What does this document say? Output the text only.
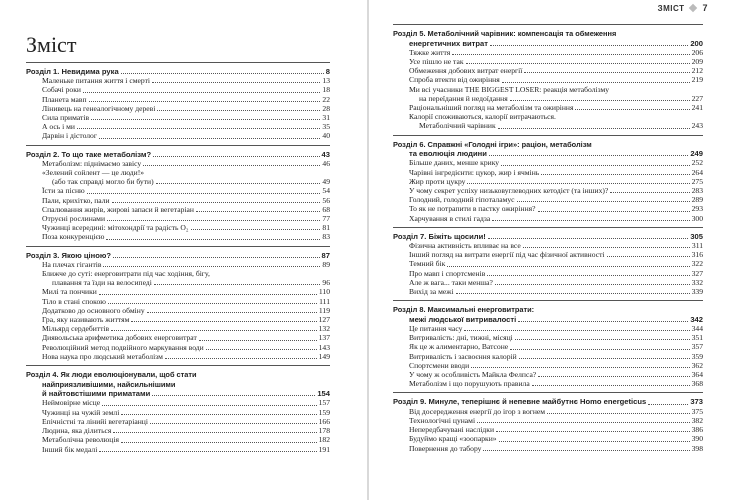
Зміст
Розділ 1. Невидима рука	8
Маленьке питання життя і смерті	13
Собачі роки	18
Планета мавп	22
Лінивець на генеалогічному дереві	28
Сила приматів	31
А ось і ми	35
Дарвін і дістолог	40
Розділ 2. То що таке метаболізм?	43
Метаболізм: піднімаємо завісу	46
«Зелений сойлент — це люди!»
(або так справді могло би бути)	49
Їсти за пісню	54
Пали, крихітко, пали	56
Спалювання жирів, жирові запаси й вегетаріан	68
Отруєні рослинами	77
Чужинці всередині: мітохондрії та радість O₂	81
Поза конкуренцією	83
Розділ 3. Якою ціною?	87
На плечах гігантів	89
Ближче до суті: енерговитрати під час ходіння, бігу,
плавання та їзди на велосипеді	96
Милі та пончики	110
Тіло в стані спокою	111
Додатково до основного обміну	119
Гра, яку називають життям	127
Мільярд сердебиттів	132
Диявольська арифметика добових енерговитрат	137
Революційний метод подвійного маркування води	143
Нова наука про людський метаболізм	149
Розділ 4. Як люди еволюціонували, щоб стати
найприязливішими, найсильнішими
й найтовстішими приматами	154
Неймовірне місце	157
Чужинці на чужій землі	159
Епічністні та лінийі вегетаріанці	166
Людина, яка ділиться	178
Метаболічна революція	182
Інший бік медалі	191
ЗМІСТ 7
Розділ 5. Метаболічний чарівник: компенсація та обмеження
енергетичних витрат	200
Тяжке життя	206
Усе пішло не так	209
Обмеження добових витрат енергії	212
Спроба втекти від ожиріння	219
Ми всі учасники THE BIGGEST LOSER: реакція метаболізму
на переїдання й недоїдання	227
Раціональніший погляд на метаболізм та ожиріння	241
Калорії споживаються, калорії витрачаються.
Метаболічний чарівник	243
Розділ 6. Справжні «Голодні ігри»: раціон, метаболізм
та еволюція людини	249
Більше даних, менше крику	252
Чарівні інгредієнти: цукор, жир і ячмінь	264
Жир проти цукру	275
У чому секрет успіху низьковуглеводних кетодієт (та інших)?	283
Голодний, голодний гіпоталамус	289
То як не потрапити в пастку ожиріння?	293
Харчування в стилі гадза	300
Розділ 7. Біжіть щосили!	305
Фізична активність впливає на все	311
Інший погляд на витрати енергії під час фізичної активності	316
Темний бік	322
Про мавп і спортсменів	327
Але ж вага... таки менша?	332
Вихід за межі	339
Розділ 8. Максимальні енерговитрати:
межі людської витривалості	342
Це питання часу	344
Витривалість: дні, тижні, місяці	351
Як це ж алиментарно, Ватсоне	357
Витривалість і засвоєння калорій	359
Спортсмени вводи	362
У чому ж особливість Майкла Фелпса?	364
Метаболізм і що порушують правила	368
Розділ 9. Минуле, теперішнє й непевне майбутнє Homo energeticus	373
Від досередження енергії до ігор з вогнем	375
Технологічні цунамі	382
Непередбачувані наслідки	386
Будуймо кращі «зоопарки»	390
Повернення до табору	398
